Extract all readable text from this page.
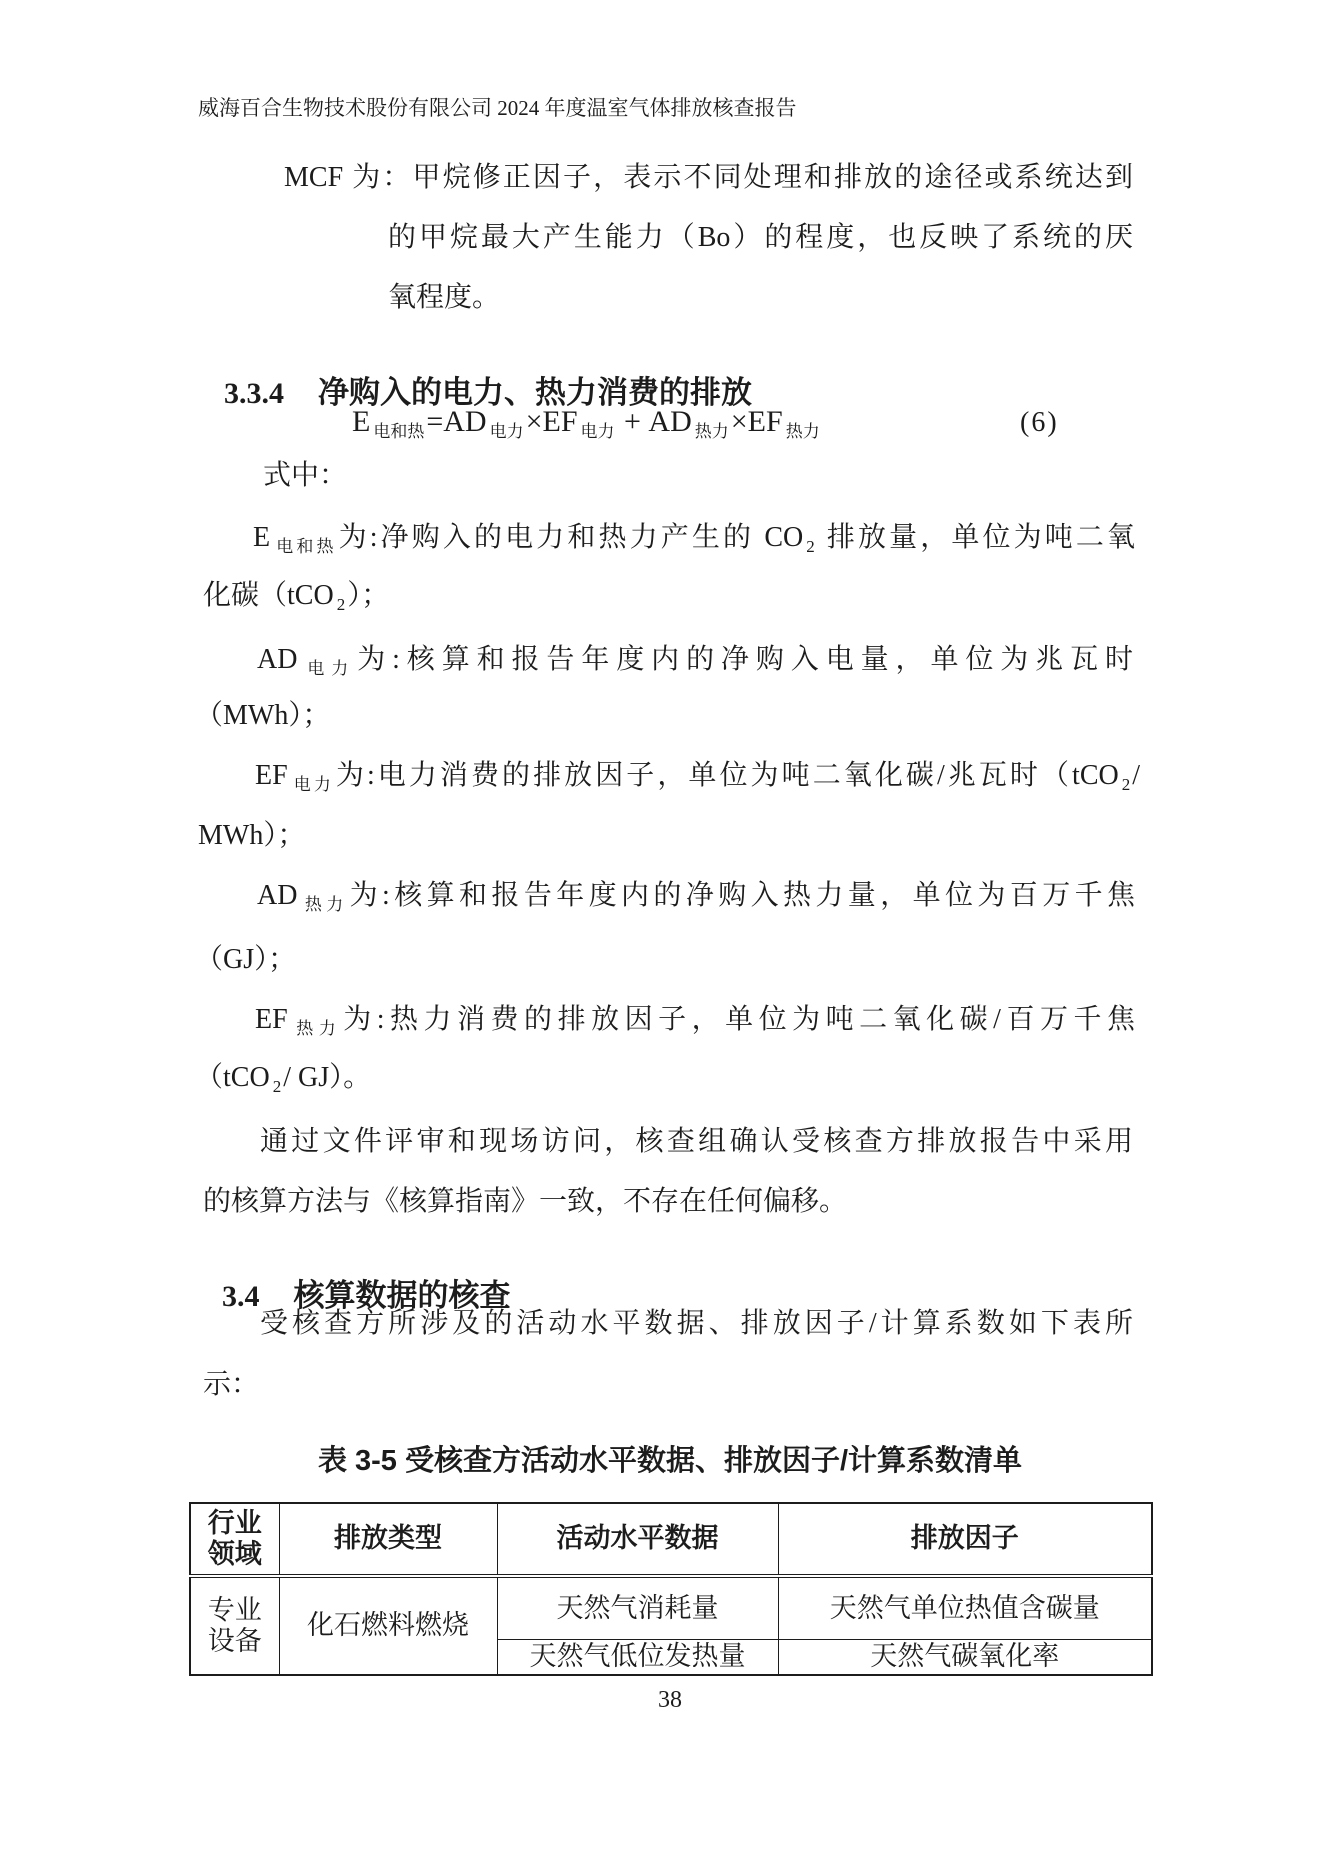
威海百合生物技术股份有限公司 2024 年度温室气体排放核查报告
MCF 为：甲烷修正因子，表示不同处理和排放的途径或系统达到
的甲烷最大产生能力（Bo）的程度，也反映了系统的厌
氧程度。

3.3.4 净购入的电力、热力消费的排放

E $_{电和热}$=AD $_{电力}$×EF $_{电力}$ + AD $_{热力}$×EF $_{热力}$	(6)
式中：
E $_{电和热}$为:净购入的电力和热力产生的 CO $_2$ 排放量，单位为吨二氧
化碳（tCO $_2$）；
AD $_{电力}$为:核算和报告年度内的净购入电量，单位为兆瓦时
（MWh）；
EF $_{电力}$为:电力消费的排放因子，单位为吨二氧化碳/兆瓦时（tCO $_2$/
MWh）；
AD $_{热力}$为:核算和报告年度内的净购入热力量，单位为百万千焦
（GJ）；
EF $_{热力}$为:热力消费的排放因子，单位为吨二氧化碳/百万千焦
（tCO $_2$/ GJ）。
通过文件评审和现场访问，核查组确认受核查方排放报告中采用
的核算方法与《核算指南》一致，不存在任何偏移。

3.4 核算数据的核查

受核查方所涉及的活动水平数据、排放因子/计算系数如下表所
示：
表 3-5 受核查方活动水平数据、排放因子/计算系数清单
行业
领域	排放类型	活动水平数据	排放因子

专业
设备	化石燃料燃烧	天然气消耗量	天然气单位热值含碳量
		天然气低位发热量	天然气碳氧化率
38
